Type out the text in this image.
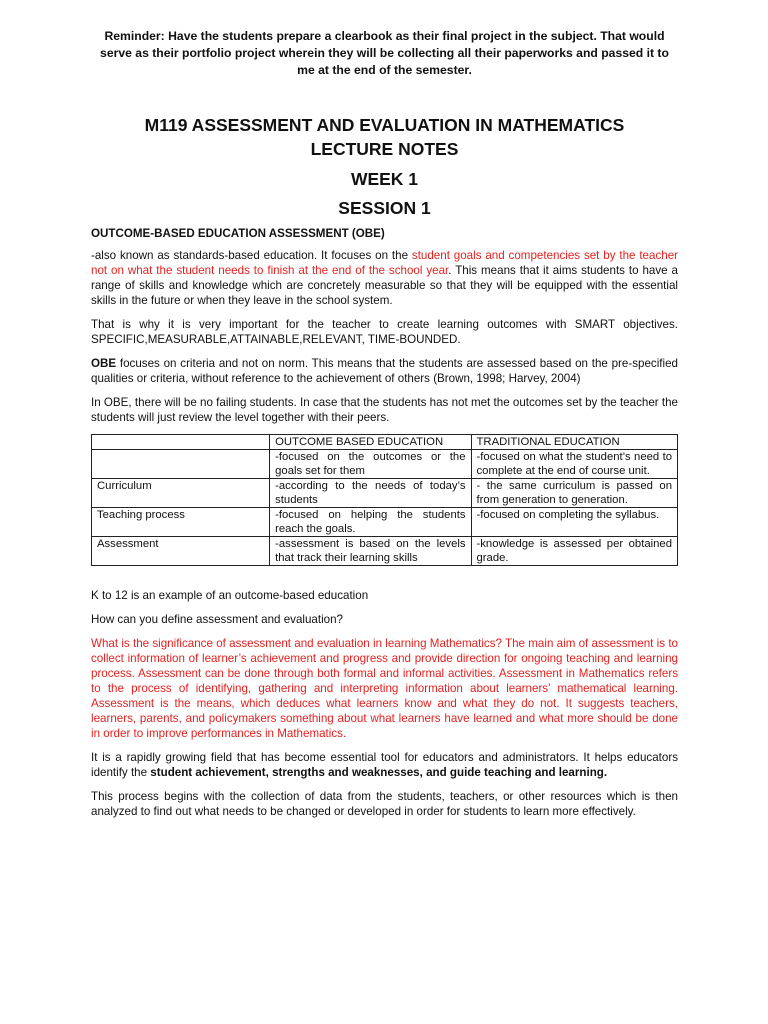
Reminder: Have the students prepare a clearbook as their final project in the subject. That would serve as their portfolio project wherein they will be collecting all their paperworks and passed it to me at the end of the semester.
M119 ASSESSMENT AND EVALUATION IN MATHEMATICS
LECTURE NOTES
WEEK 1
SESSION 1
OUTCOME-BASED EDUCATION ASSESSMENT (OBE)

-also known as standards-based education. It focuses on the student goals and competencies set by the teacher not on what the student needs to finish at the end of the school year. This means that it aims students to have a range of skills and knowledge which are concretely measurable so that they will be equipped with the essential skills in the future or when they leave in the school system.

That is why it is very important for the teacher to create learning outcomes with SMART objectives. SPECIFIC,MEASURABLE,ATTAINABLE,RELEVANT, TIME-BOUNDED.

OBE focuses on criteria and not on norm. This means that the students are assessed based on the pre-specified qualities or criteria, without reference to the achievement of others (Brown, 1998; Harvey, 2004)

In OBE, there will be no failing students. In case that the students has not met the outcomes set by the teacher the students will just review the level together with their peers.

	OUTCOME BASED EDUCATION	TRADITIONAL EDUCATION
	-focused on the outcomes or the goals set for them	-focused on what the student’s need to complete at the end of course unit.
Curriculum	-according to the needs of today’s students	- the same curriculum is passed on from generation to generation.
Teaching process	-focused on helping the students reach the goals.	-focused on completing the syllabus.
Assessment	-assessment is based on the levels that track their learning skills	-knowledge is assessed per obtained grade.

K to 12 is an example of an outcome-based education

How can you define assessment and evaluation?

What is the significance of assessment and evaluation in learning Mathematics? The main aim of assessment is to collect information of learner’s achievement and progress and provide direction for ongoing teaching and learning process. Assessment can be done through both formal and informal activities. Assessment in Mathematics refers to the process of identifying, gathering and interpreting information about learners’ mathematical learning. Assessment is the means, which deduces what learners know and what they do not. It suggests teachers, learners, parents, and policymakers something about what learners have learned and what more should be done in order to improve performances in Mathematics.

It is a rapidly growing field that has become essential tool for educators and administrators. It helps educators identify the student achievement, strengths and weaknesses, and guide teaching and learning.

This process begins with the collection of data from the students, teachers, or other resources which is then analyzed to find out what needs to be changed or developed in order for students to learn more effectively.
